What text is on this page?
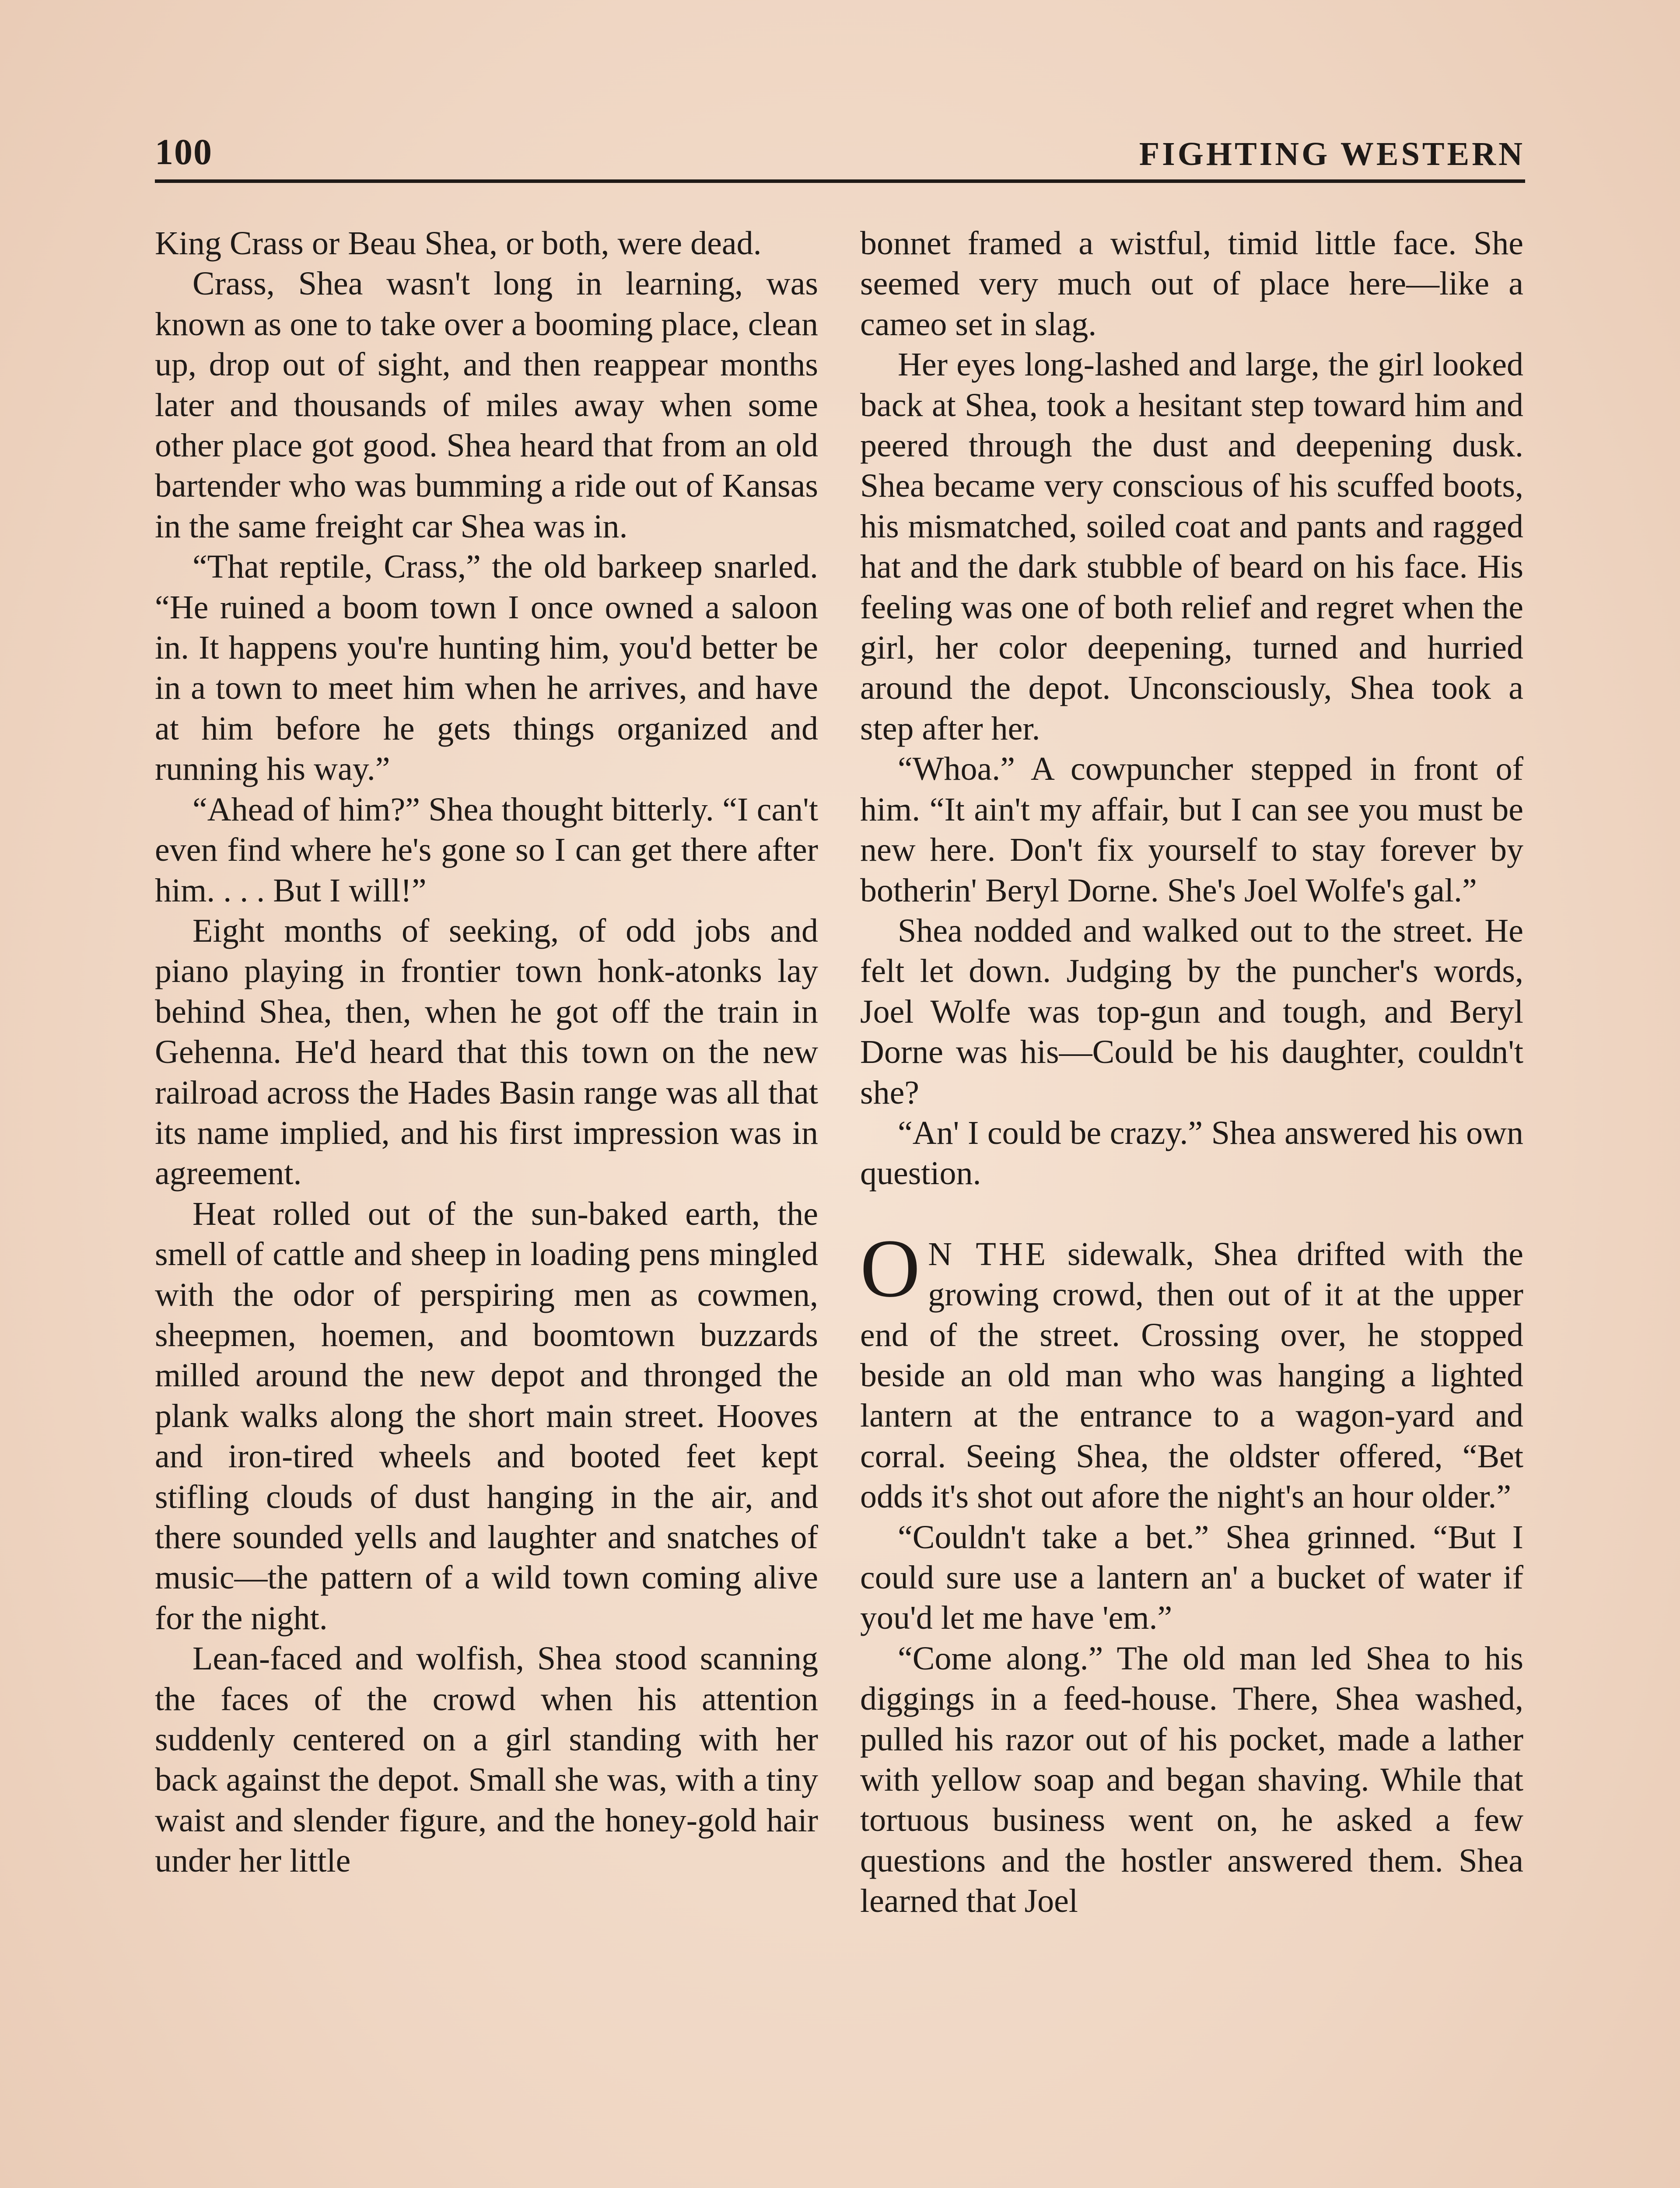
100	FIGHTING WESTERN

King Crass or Beau Shea, or both, were dead.

Crass, Shea wasn't long in learning, was known as one to take over a booming place, clean up, drop out of sight, and then reappear months later and thousands of miles away when some other place got good. Shea heard that from an old bartender who was bumming a ride out of Kansas in the same freight car Shea was in.

“That reptile, Crass,” the old barkeep snarled. “He ruined a boom town I once owned a saloon in. It happens you're hunting him, you'd better be in a town to meet him when he arrives, and have at him before he gets things organized and running his way.”

“Ahead of him?” Shea thought bitterly. “I can't even find where he's gone so I can get there after him. . . . But I will!”

Eight months of seeking, of odd jobs and piano playing in frontier town honk-atonks lay behind Shea, then, when he got off the train in Gehenna. He'd heard that this town on the new railroad across the Hades Basin range was all that its name implied, and his first impression was in agreement.

Heat rolled out of the sun-baked earth, the smell of cattle and sheep in loading pens mingled with the odor of perspiring men as cowmen, sheepmen, hoemen, and boomtown buzzards milled around the new depot and thronged the plank walks along the short main street. Hooves and iron-tired wheels and booted feet kept stifling clouds of dust hanging in the air, and there sounded yells and laughter and snatches of music—the pattern of a wild town coming alive for the night.

Lean-faced and wolfish, Shea stood scanning the faces of the crowd when his attention suddenly centered on a girl standing with her back against the depot. Small she was, with a tiny waist and slender figure, and the honey-gold hair under her little

bonnet framed a wistful, timid little face. She seemed very much out of place here—like a cameo set in slag.

Her eyes long-lashed and large, the girl looked back at Shea, took a hesitant step toward him and peered through the dust and deepening dusk. Shea became very conscious of his scuffed boots, his mismatched, soiled coat and pants and ragged hat and the dark stubble of beard on his face. His feeling was one of both relief and regret when the girl, her color deepening, turned and hurried around the depot. Unconsciously, Shea took a step after her.

“Whoa.” A cowpuncher stepped in front of him. “It ain't my affair, but I can see you must be new here. Don't fix yourself to stay forever by botherin' Beryl Dorne. She's Joel Wolfe's gal.”

Shea nodded and walked out to the street. He felt let down. Judging by the puncher's words, Joel Wolfe was top-gun and tough, and Beryl Dorne was his—Could be his daughter, couldn't she?

“An' I could be crazy.” Shea answered his own question.

O N THE sidewalk, Shea drifted with the growing crowd, then out of it at the upper end of the street. Crossing over, he stopped beside an old man who was hanging a lighted lantern at the entrance to a wagon-yard and corral. Seeing Shea, the oldster offered, “Bet odds it's shot out afore the night's an hour older.”

“Couldn't take a bet.” Shea grinned. “But I could sure use a lantern an' a bucket of water if you'd let me have 'em.”

“Come along.” The old man led Shea to his diggings in a feed-house. There, Shea washed, pulled his razor out of his pocket, made a lather with yellow soap and began shaving. While that tortuous business went on, he asked a few questions and the hostler answered them. Shea learned that Joel
